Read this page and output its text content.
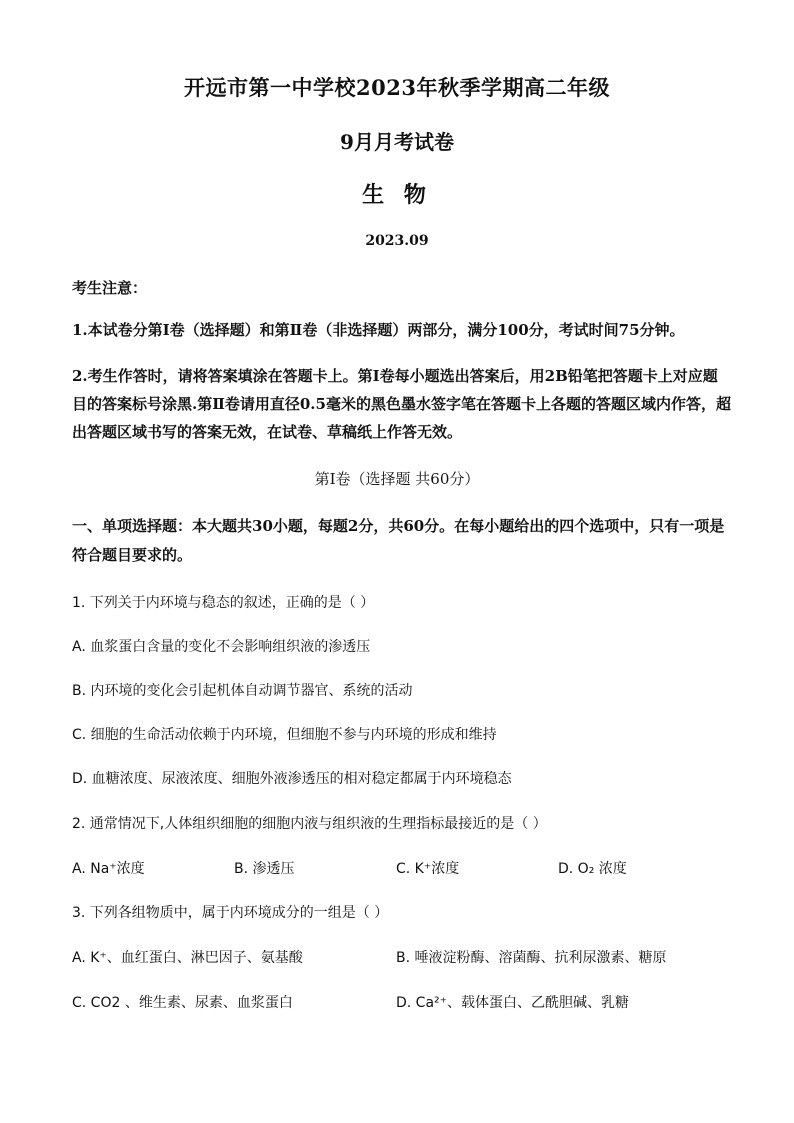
开远市第一中学校2023年秋季学期高二年级
9月月考试卷
生 物
2023.09
考生注意：
1.本试卷分第Ⅰ卷（选择题）和第Ⅱ卷（非选择题）两部分，满分100分，考试时间75分钟。
2.考生作答时，请将答案填涂在答题卡上。第Ⅰ卷每小题选出答案后，用2B铅笔把答题卡上对应题目的答案标号涂黑.第Ⅱ卷请用直径0.5毫米的黑色墨水签字笔在答题卡上各题的答题区域内作答，超出答题区域书写的答案无效，在试卷、草稿纸上作答无效。
第Ⅰ卷（选择题 共60分）
一、单项选择题：本大题共30小题，每题2分，共60分。在每小题给出的四个选项中，只有一项是符合题目要求的。
1. 下列关于内环境与稳态的叙述，正确的是（ ）
A. 血浆蛋白含量的变化不会影响组织液的渗透压
B. 内环境的变化会引起机体自动调节器官、系统的活动
C. 细胞的生命活动依赖于内环境，但细胞不参与内环境的形成和维持
D. 血糖浓度、尿液浓度、细胞外液渗透压的相对稳定都属于内环境稳态
2. 通常情况下,人体组织细胞的细胞内液与组织液的生理指标最接近的是（ ）
A. Na⁺浓度	B. 渗透压	C. K⁺浓度	D. O₂ 浓度
3. 下列各组物质中，属于内环境成分的一组是（ ）
A. K⁺、血红蛋白、淋巴因子、氨基酸	B. 唾液淀粉酶、溶菌酶、抗利尿激素、糖原
C. CO2 、维生素、尿素、血浆蛋白	D. Ca²⁺、载体蛋白、乙酰胆碱、乳糖
